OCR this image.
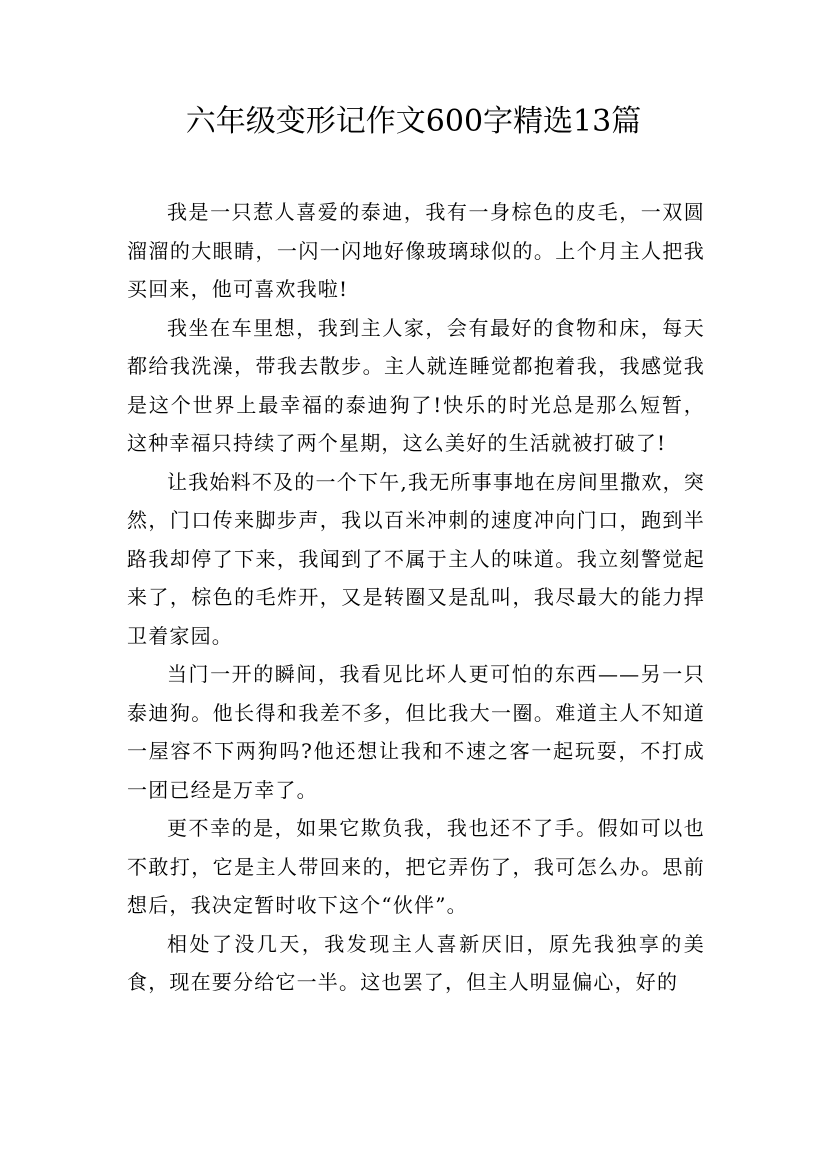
六年级变形记作文600字精选13篇

我是一只惹人喜爱的泰迪，我有一身棕色的皮毛，一双圆溜溜的大眼睛，一闪一闪地好像玻璃球似的。上个月主人把我买回来，他可喜欢我啦!

我坐在车里想，我到主人家，会有最好的食物和床，每天都给我洗澡，带我去散步。主人就连睡觉都抱着我，我感觉我是这个世界上最幸福的泰迪狗了!快乐的时光总是那么短暂，这种幸福只持续了两个星期，这么美好的生活就被打破了!

让我始料不及的一个下午,我无所事事地在房间里撒欢，突然，门口传来脚步声，我以百米冲刺的速度冲向门口，跑到半路我却停了下来，我闻到了不属于主人的味道。我立刻警觉起来了，棕色的毛炸开，又是转圈又是乱叫，我尽最大的能力捍卫着家园。

当门一开的瞬间，我看见比坏人更可怕的东西——另一只泰迪狗。他长得和我差不多，但比我大一圈。难道主人不知道一屋容不下两狗吗?他还想让我和不速之客一起玩耍，不打成一团已经是万幸了。

更不幸的是，如果它欺负我，我也还不了手。假如可以也不敢打，它是主人带回来的，把它弄伤了，我可怎么办。思前想后，我决定暂时收下这个“伙伴”。

相处了没几天，我发现主人喜新厌旧，原先我独享的美食，现在要分给它一半。这也罢了，但主人明显偏心，好的
